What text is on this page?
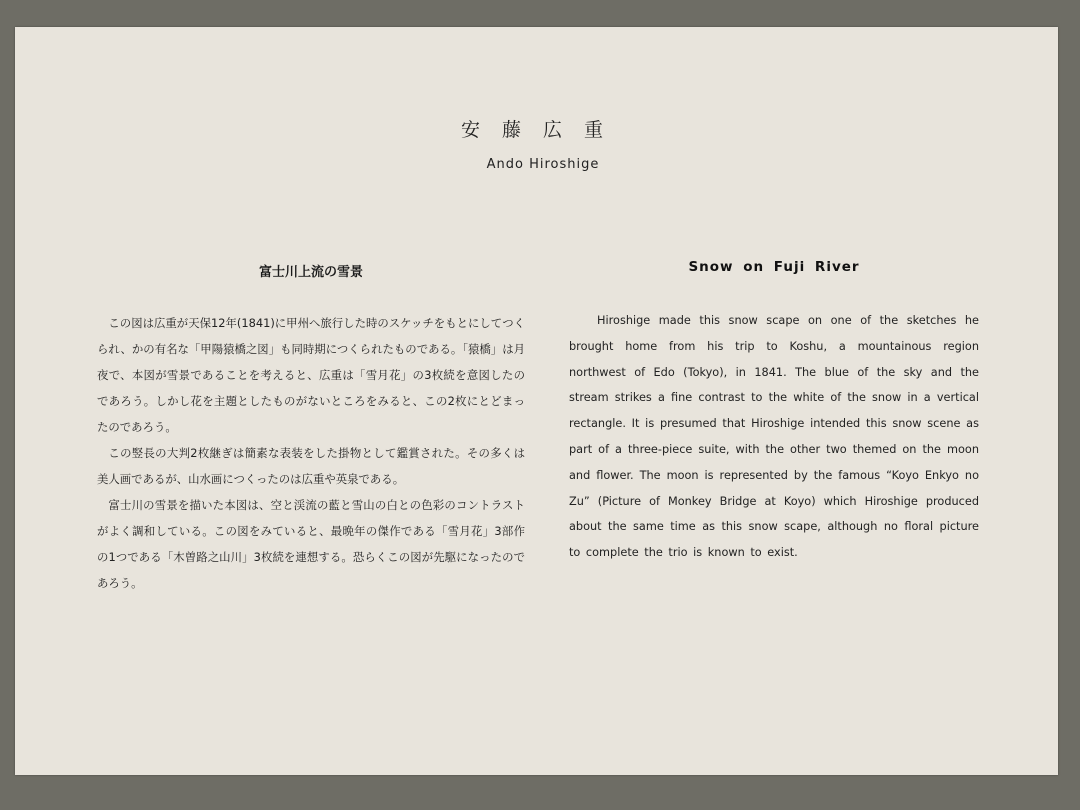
安藤広重
Ando Hiroshige
富士川上流の雪景

この図は広重が天保12年(1841)に甲州へ旅行した時のスケッチをもとにしてつくられ、かの有名な「甲陽猿橋之図」も同時期につくられたものである。「猿橋」は月夜で、本図が雪景であることを考えると、広重は「雪月花」の3枚続を意図したのであろう。しかし花を主題としたものがないところをみると、この2枚にとどまったのであろう。

この竪長の大判2枚継ぎは簡素な表装をした掛物として鑑賞された。その多くは美人画であるが、山水画につくったのは広重や英泉である。

富士川の雪景を描いた本図は、空と渓流の藍と雪山の白との色彩のコントラストがよく調和している。この図をみていると、最晩年の傑作である「雪月花」3部作の1つである「木曽路之山川」3枚続を連想する。恐らくこの図が先駆になったのであろう。

Snow on Fuji River

Hiroshige made this snow scape on one of the sketches he brought home from his trip to Koshu, a mountainous region northwest of Edo (Tokyo), in 1841. The blue of the sky and the stream strikes a fine contrast to the white of the snow in a vertical rectangle. It is presumed that Hiroshige intended this snow scene as part of a three-piece suite, with the other two themed on the moon and flower. The moon is represented by the famous “Koyo Enkyo no Zu” (Picture of Monkey Bridge at Koyo) which Hiroshige produced about the same time as this snow scape, although no floral picture to complete the trio is known to exist.
